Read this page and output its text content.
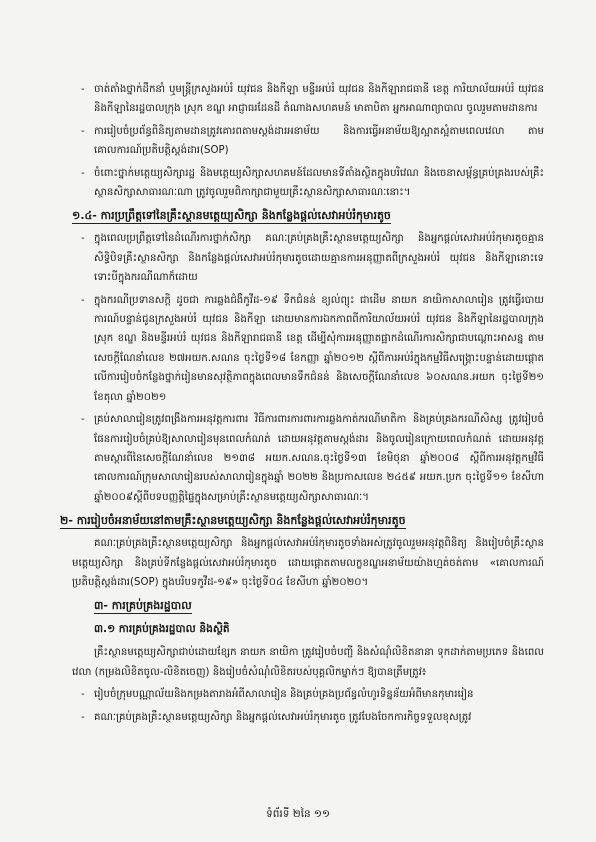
- ចាត់តាំងថ្នាក់ដឹកនាំ ឬមន្ត្រីក្រសួងអប់រំ យុវជន និងកីឡា មន្ទីរអប់រំ យុវជន និងកីឡារាជធានី ខេត្ត ការិយាល័យអប់រំ យុវជន និងកីឡានៃរដ្ឋបាលក្រុង ស្រុក ខណ្ឌ អាជ្ញាធរដែនដី តំណាងសហគមន៍ មាតាបិតា អ្នកអាណាព្យាបាល ចូលរួមតាមដានការ
- ការរៀបចំប្រព័ន្ធពិនិត្យតាមដានត្រូវគោរពតាមស្តង់ដារអនាម័យ និងការធ្វើអនាម័យឱ្យស្អាតស្អំតាមពេលវេលា តាមគោលការណ៍ប្រតិបត្តិស្តង់ដារ(SOP)
- ចំពោះថ្នាក់មត្តេយ្យសិក្សារដ្ឋ និងមត្តេយ្យសិក្សាសហគមន៍ដែលមានទីតាំងស្ថិតក្នុងបរិវេណ និងចេនាសម្ព័ន្ធគ្រប់គ្រងរបស់គ្រឹះស្ថានសិក្សាសាធារណៈណា ត្រូវចូលរួមពិភាក្សាជាមួយគ្រឹះស្ថានសិក្សាសាធារណៈនោះ។
១.៤- ការប្រព្រឹត្តទៅនៃគ្រឹះស្ថានមត្តេយ្យសិក្សា និងកន្លែងផ្តល់សេវាអប់រំកុមារតូច
- ក្នុងពេលប្រព្រឹត្តទៅនៃដំណើរការថ្នាក់សិក្សា គណៈគ្រប់គ្រងគ្រឹះស្ថានមត្តេយ្យសិក្សា និងអ្នកផ្តល់សេវាអប់រំកុមារតូចគ្មានសិទ្ធិបិទគ្រឹះស្ថានសិក្សា និងកន្លែងផ្តល់សេវាអប់រំកុមារតូចដោយគ្មានការអនុញ្ញាតពីក្រសួងអប់រំ យុវជន និងកីឡានោះទេ ទោះបីក្នុងករណីណាក៏ដោយ
- ក្នុងករណីប្រទានសក្ដិ ដូចជា ការឆ្លងជំងឺកូវីដ-១៩ ទឹកជំនន់ ខ្យល់ព្យុះ ជាដើម នាយក នាយិកាសាលារៀន ត្រូវធ្វើរបាយការណ៍បន្ទាន់ជូនក្រសួងអប់រំ យុវជន និងកីឡា ដោយមានការឯកភាពពីការិយាល័យអប់រំ យុវជន និងកីឡានៃរដ្ឋបាលក្រុង ស្រុក ខណ្ឌ និងមន្ទីរអប់រំ យុវជន និងកីឡារាជធានី ខេត្ត ដើម្បីសុំការអនុញ្ញាតផ្អាកដំណើរការសិក្សាជាបណ្ដោះអាសន្ន តាមសេចក្ដីណែនាំលេខ ២៧អយក.សណន ចុះថ្ងៃទី១៨ ខែកញ្ញា ឆ្នាំ២០១២ ស្តីពីការអប់រំក្នុងកម្មវិធីសង្គ្រោះបន្ទាន់ដោយផ្តោតលើការរៀបចំកន្លែងថ្នាក់រៀនមានសុវត្ថិភាពក្នុងពេលមានទឹកជំនន់ និងសេចក្ដីណែនាំលេខ ៦០សណន.អយក ចុះថ្ងៃទី២១ ខែតុលា ឆ្នាំ២០២១
- គ្រប់សាលារៀនត្រូវពង្រឹងការអនុវត្តការពារ វិធីការពារការពារការឆ្លងកាត់ករណីមាតិកា និងគ្រប់គ្រងករណីសិស្ស ត្រូវរៀបចំផែនការរៀបចំគ្រប់ឱ្យសាលារៀនមុនពេលកំណត់ ដោយអនុវត្តតាមស្តង់ដារ និងចូលរៀនក្រោយពេលកំណត់ ដោយអនុវត្តតាមស្តារពីនៃសេចក្ដីណែនាំលេខ ២១៣៨ អយក.សណន.ចុះថ្ងៃទី១៣ ខែមិថុនា ឆ្នាំ២០០៨ ស្តីពីការអនុវត្តកម្មវិធីគោលការណ៍ក្រុមសាលារៀនរបស់សាលារៀនក្នុងឆ្នាំ ២០២២ និងប្រកាសលេខ ២៤៥៩ អយក.ប្រក ចុះថ្ងៃទី១១ ខែសីហា ឆ្នាំ២០០៩ស្តីពីបទបញ្ញត្តិផ្ទៃក្នុងសម្រាប់គ្រឹះស្ថានមត្តេយ្យសិក្សាសាធារណៈ។
២- ការរៀបចំអនាម័យនៅតាមគ្រឹះស្ថានមត្តេយ្យសិក្សា និងកន្លែងផ្តល់សេវាអប់រំកុមារតូច
គណៈគ្រប់គ្រងគ្រឹះស្ថានមត្តេយ្យសិក្សា និងអ្នកផ្តល់សេវាអប់រំកុមារតូចទាំងអស់ត្រូវចូលរួមអនុវត្តពិនិត្យ និងរៀបចំគ្រឹះស្ថានមត្តេយ្យសិក្សា និងគ្រប់ទីកន្លែងផ្តល់សេវាអប់រំកុមារតូច ដោយផ្តោតតាមលក្ខខណ្ឌអនាម័យយ៉ាងហ្មត់ចត់តាម «គោលការណ៍ប្រតិបត្តិស្តង់ដារ(SOP) ក្នុងបរិបទកូវីដ-១៩» ចុះថ្ងៃទី០៤ ខែសីហា ឆ្នាំ២០២០។
៣- ការគ្រប់គ្រងរដ្ឋបាល
៣.១ ការគ្រប់គ្រងរដ្ឋបាល និងស្ថិតិ
គ្រឹះស្ថានមត្តេយ្យសិក្សាជាប់ដោយខ្សែក នាយក នាយិកា ត្រូវរៀបចំបញ្ជី និងសំណុំលិខិតនានា ទុកដាក់តាមប្រភេទ និងពេលវេលា (កម្រងលិខិតចូល-លិខិតចេញ) និងរៀបចំសំណុំលិខិតរបស់បុគ្គលិកម្នាក់ៗ ឱ្យបានត្រឹមត្រូវ៖
- រៀបចំក្រុមបណ្ណាល័យនិងកម្រងតារាងអំពីសាលារៀន និងគ្រប់គ្រងប្រព័ន្ធលំហូរទិន្នន័យអំពីមានកុមាររៀន
- គណៈគ្រប់គ្រងគ្រឹះស្ថានមត្តេយ្យសិក្សា និងអ្នកផ្តល់សេវាអប់រំកុមារតូច ត្រូវបែងចែកការកិច្ចទទួលខុសត្រូវ
ទំព័រទី ២នៃ ១១
